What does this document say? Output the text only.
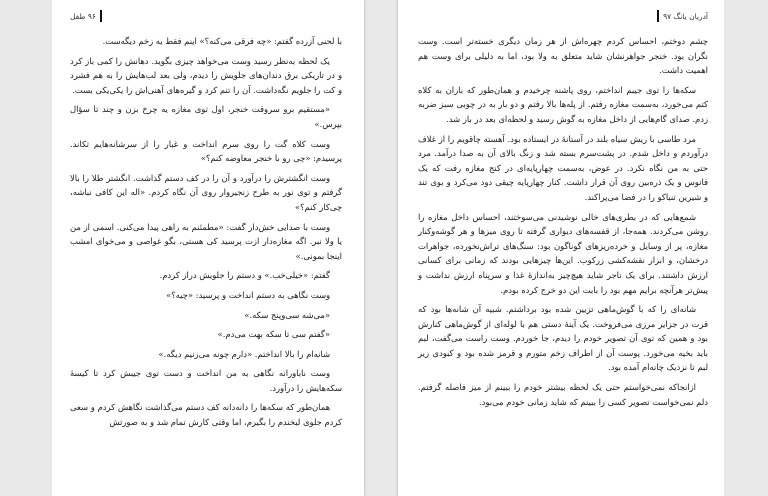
۹۶ طفل

با لحنی آزرده گفتم: «چه فرقی می‌کنه؟» اینم فقط یه زخم دیگه‌ست.

یک لحظه به‌نظر رسید وست می‌خواهد چیزی بگوید. دهانش را کمی باز کرد و در تاریکی برق دندان‌های جلویش را دیدم، ولی بعد لب‌هایش را به هم فشرد و کت را جلویم نگه‌داشت. آن را تنم کرد و گیره‌های آهنی‌اش را یکی‌یکی بست.

«مستقیم برو سروقت خنجر، اول توی مغازه یه چرخ بزن و چند تا سؤال بپرس.»

وست کلاه گت را روی سرم انداخت و غبار را از سرشانه‌هایم تکاند. پرسیدم: «چی رو با خنجر معاوضه کنم؟»

وست انگشترش را درآورد و آن را در کف دستم گذاشت. انگشتر طلا را بالا گرفتم و توی نور به طرح زنجیروار روی آن نگاه کردم. «اله این کافی نباشه، چی‌کار کنم؟»

وست با صدایی خش‌دار گفت: «مطمئنم به راهی پیدا می‌کنی. اسمی از من یا ولا نبر. اگه مغازه‌دار ازت پرسید کی هستی، بگو غواصی و می‌خوای امشب اینجا بمونی.»

گفتم: «خیلی‌خب.» و دستم را جلویش دراز کردم.

وست نگاهی به دستم انداخت و پرسید: «چیه؟»

«می‌شه سی‌وپنج سکه.»

«گفتم سی تا سکه بهت می‌دم.»

شانه‌ام را بالا انداختم. «دارم چونه می‌زنیم دیگه.»

وست ناباورانه نگاهی به من انداخت و دست توی جیبش کرد تا کیسهٔ سکه‌هایش را درآورد.

همان‌طور که سکه‌ها را دانه‌دانه کف دستم می‌گذاشت نگاهش کردم و سعی کردم جلوی لبخندم را بگیرم، اما وقتی کارش تمام شد و به صورتش

آدریان یانگ ۹۷

چشم دوختم، احساس کردم چهره‌اش از هر زمان دیگری خسته‌تر است. وست نگران بود. خنجر جواهرنشان شاید متعلق به ولا بود، اما به دلیلی برای وست هم اهمیت داشت.

سکه‌ها را توی جیبم انداختم، روی پاشنه چرخیدم و همان‌طور که باران به کلاه کتم می‌خورد، به‌سمت مغازه رفتم. از پله‌ها بالا رفتم و دو بار به در چوبی سبز ضربه زدم. صدای گام‌هایی از داخل مغازه به گوش رسید و لحظه‌ای بعد در باز شد.

مرد طاسی با ریش سیاه بلند در آستانهٔ در ایستاده بود. آهسته چاقویم را از غلاف درآوردم و داخل شدم. در پشت‌سرم بسته شد و زنگ بالای آن به صدا درآمد. مرد حتی به من نگاه نکرد. در عوض، به‌سمت چهارپایه‌ای در کنج مغازه رفت که یک فانوس و یک ذره‌بین روی آن قرار داشت. کنار چهارپایه چیقی دود می‌کرد و بوی تند و شیرین تنباکو را در فضا می‌پراکند.

شمع‌هایی که در بطری‌های خالی نوشیدنی می‌سوختند، احساس داخل مغازه را روشن می‌کردند. همه‌جا، از قفسه‌های دیواری گرفته تا روی میزها و هر گوشه‌وکنار مغازه، پر از وسایل و خرده‌ریزهای گوناگون بود: سنگ‌های تراش‌نخورده، جواهرات درخشان، و ابزار نقشه‌کشی زرکوب. این‌ها چیزهایی بودند که زمانی برای کسانی ارزش داشتند. برای یک تاجر شاید هیچ‌چیز به‌اندازهٔ غذا و سرپناه ارزش نداشت و پیش‌تر هرآنچه برایم مهم بود را بابت این دو خرج کرده بودم.

شانه‌ای را که با گوش‌ماهی تزیین شده بود برداشتم. شبیه آن شانه‌ها بود که قرت در جزایر مرزی می‌فروخت. یک آینهٔ دستی هم با لوله‌ای از گوش‌ماهی کنارش بود و همین که توی آن تصویر خودم را دیدم، جا خوردم. وست راست می‌گفت، لبم باید بخیه می‌خورد. پوست آن از اطراف زخم متورم و قرمز شده بود و کبودی زیر لبم تا نزدیک چانه‌ام آمده بود.

ازانجاکه نمی‌خواستم حتی یک لحظه بیشتر خودم را ببینم از میز فاصله گرفتم. دلم نمی‌خواست تصویر کسی را ببینم که شاید زمانی خودم می‌بود.
